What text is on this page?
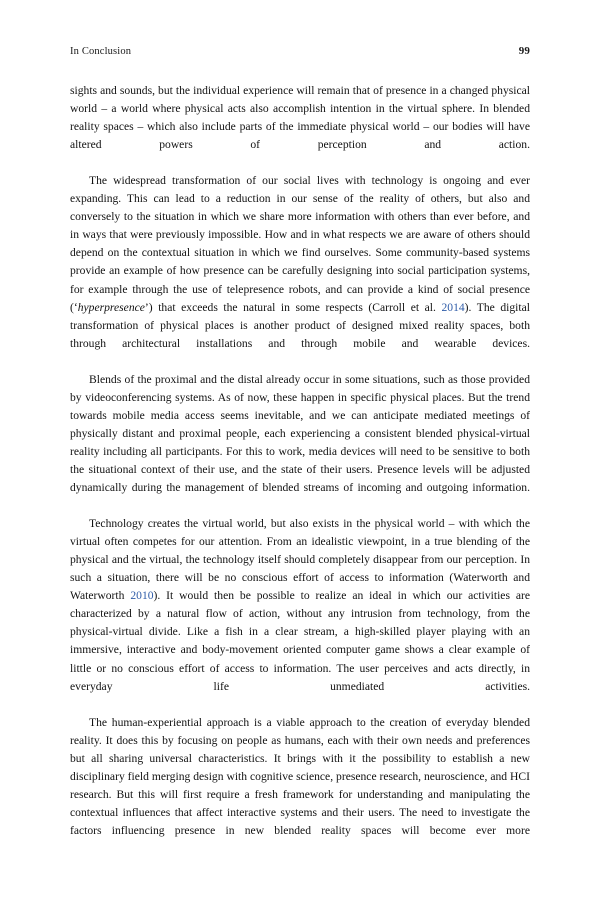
In Conclusion	99

sights and sounds, but the individual experience will remain that of presence in a changed physical world – a world where physical acts also accomplish intention in the virtual sphere. In blended reality spaces – which also include parts of the immediate physical world – our bodies will have altered powers of perception and action.

The widespread transformation of our social lives with technology is ongoing and ever expanding. This can lead to a reduction in our sense of the reality of others, but also and conversely to the situation in which we share more information with others than ever before, and in ways that were previously impossible. How and in what respects we are aware of others should depend on the contextual situation in which we find ourselves. Some community-based systems provide an example of how presence can be carefully designing into social participation systems, for example through the use of telepresence robots, and can provide a kind of social presence (‘hyperpresence’) that exceeds the natural in some respects (Carroll et al. 2014). The digital transformation of physical places is another product of designed mixed reality spaces, both through architectural installations and through mobile and wearable devices.

Blends of the proximal and the distal already occur in some situations, such as those provided by videoconferencing systems. As of now, these happen in specific physical places. But the trend towards mobile media access seems inevitable, and we can anticipate mediated meetings of physically distant and proximal people, each experiencing a consistent blended physical-virtual reality including all participants. For this to work, media devices will need to be sensitive to both the situational context of their use, and the state of their users. Presence levels will be adjusted dynamically during the management of blended streams of incoming and outgoing information.

Technology creates the virtual world, but also exists in the physical world – with which the virtual often competes for our attention. From an idealistic viewpoint, in a true blending of the physical and the virtual, the technology itself should completely disappear from our perception. In such a situation, there will be no conscious effort of access to information (Waterworth and Waterworth 2010). It would then be possible to realize an ideal in which our activities are characterized by a natural flow of action, without any intrusion from technology, from the physical-virtual divide. Like a fish in a clear stream, a high-skilled player playing with an immersive, interactive and body-movement oriented computer game shows a clear example of little or no conscious effort of access to information. The user perceives and acts directly, in everyday life unmediated activities.

The human-experiential approach is a viable approach to the creation of everyday blended reality. It does this by focusing on people as humans, each with their own needs and preferences but all sharing universal characteristics. It brings with it the possibility to establish a new disciplinary field merging design with cognitive science, presence research, neuroscience, and HCI research. But this will first require a fresh framework for understanding and manipulating the contextual influences that affect interactive systems and their users. The need to investigate the factors influencing presence in new blended reality spaces will become ever more
